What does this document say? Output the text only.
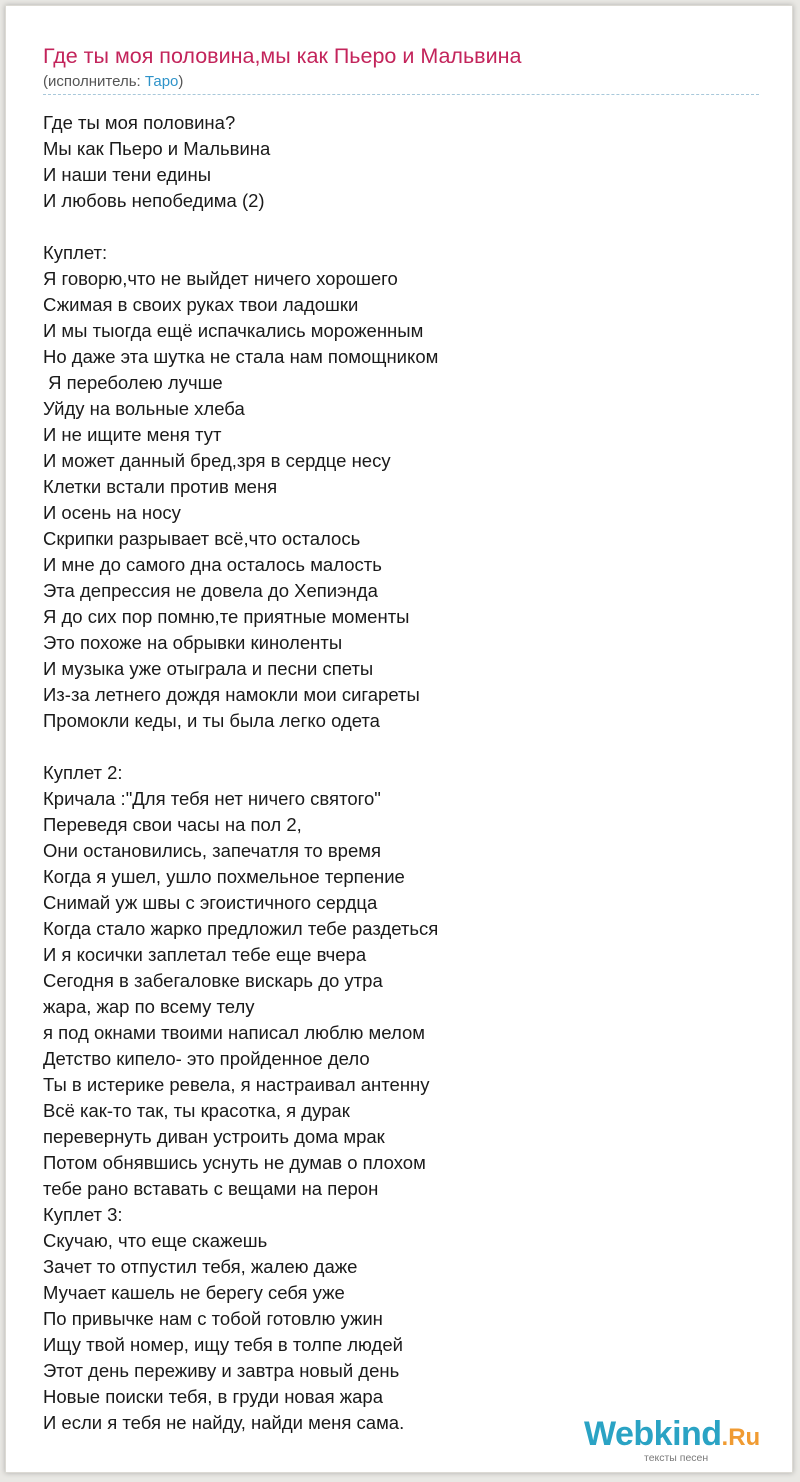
Где ты моя половина,мы как Пьеро и Мальвина
(исполнитель: Таро)
Где ты моя половина?
Мы как Пьеро и Мальвина
И наши тени едины
И любовь непобедима (2)
Куплет:
Я говорю,что не выйдет ничего хорошего
Сжимая в своих руках твои ладошки
И мы тыогда ещё испачкались мороженным
Но даже эта шутка не стала нам помощником
Я переболею лучше
Уйду на вольные хлеба
И не ищите меня тут
И может данный бред,зря в сердце несу
Клетки встали против меня
И осень на носу
Скрипки разрывает всё,что осталось
И мне до самого дна осталось малость
Эта депрессия не довела до Хепиэнда
Я до сих пор помню,те приятные моменты
Это похоже на обрывки киноленты
И музыка уже отыграла и песни спеты
Из-за летнего дождя намокли мои сигареты
Промокли кеды, и ты была легко одета
Куплет 2:
Кричала :"Для тебя нет ничего святого"
Переведя свои часы на пол 2,
Они остановились, запечатля то время
Когда я ушел, ушло похмельное терпение
Снимай уж швы с эгоистичного сердца
Когда стало жарко предложил тебе раздеться
И я косички заплетал тебе еще вчера
Сегодня в забегаловке вискарь до утра
жара, жар по всему телу
я под окнами твоими написал люблю мелом
Детство кипело- это пройденное дело
Ты в истерике ревела, я настраивал антенну
Всё как-то так, ты красотка, я дурак
перевернуть диван устроить дома мрак
Потом обнявшись уснуть не думав о плохом
тебе рано вставать с вещами на перон
Куплет 3:
Скучаю, что еще скажешь
Зачет то отпустил тебя, жалею даже
Мучает кашель не берегу себя уже
По привычке нам с тобой готовлю ужин
Ищу твой номер, ищу тебя в толпе людей
Этот день переживу и завтра новый день
Новые поиски тебя, в груди новая жара
И если я тебя не найду, найди меня сама.	Webkind.Ru
тексты песен
